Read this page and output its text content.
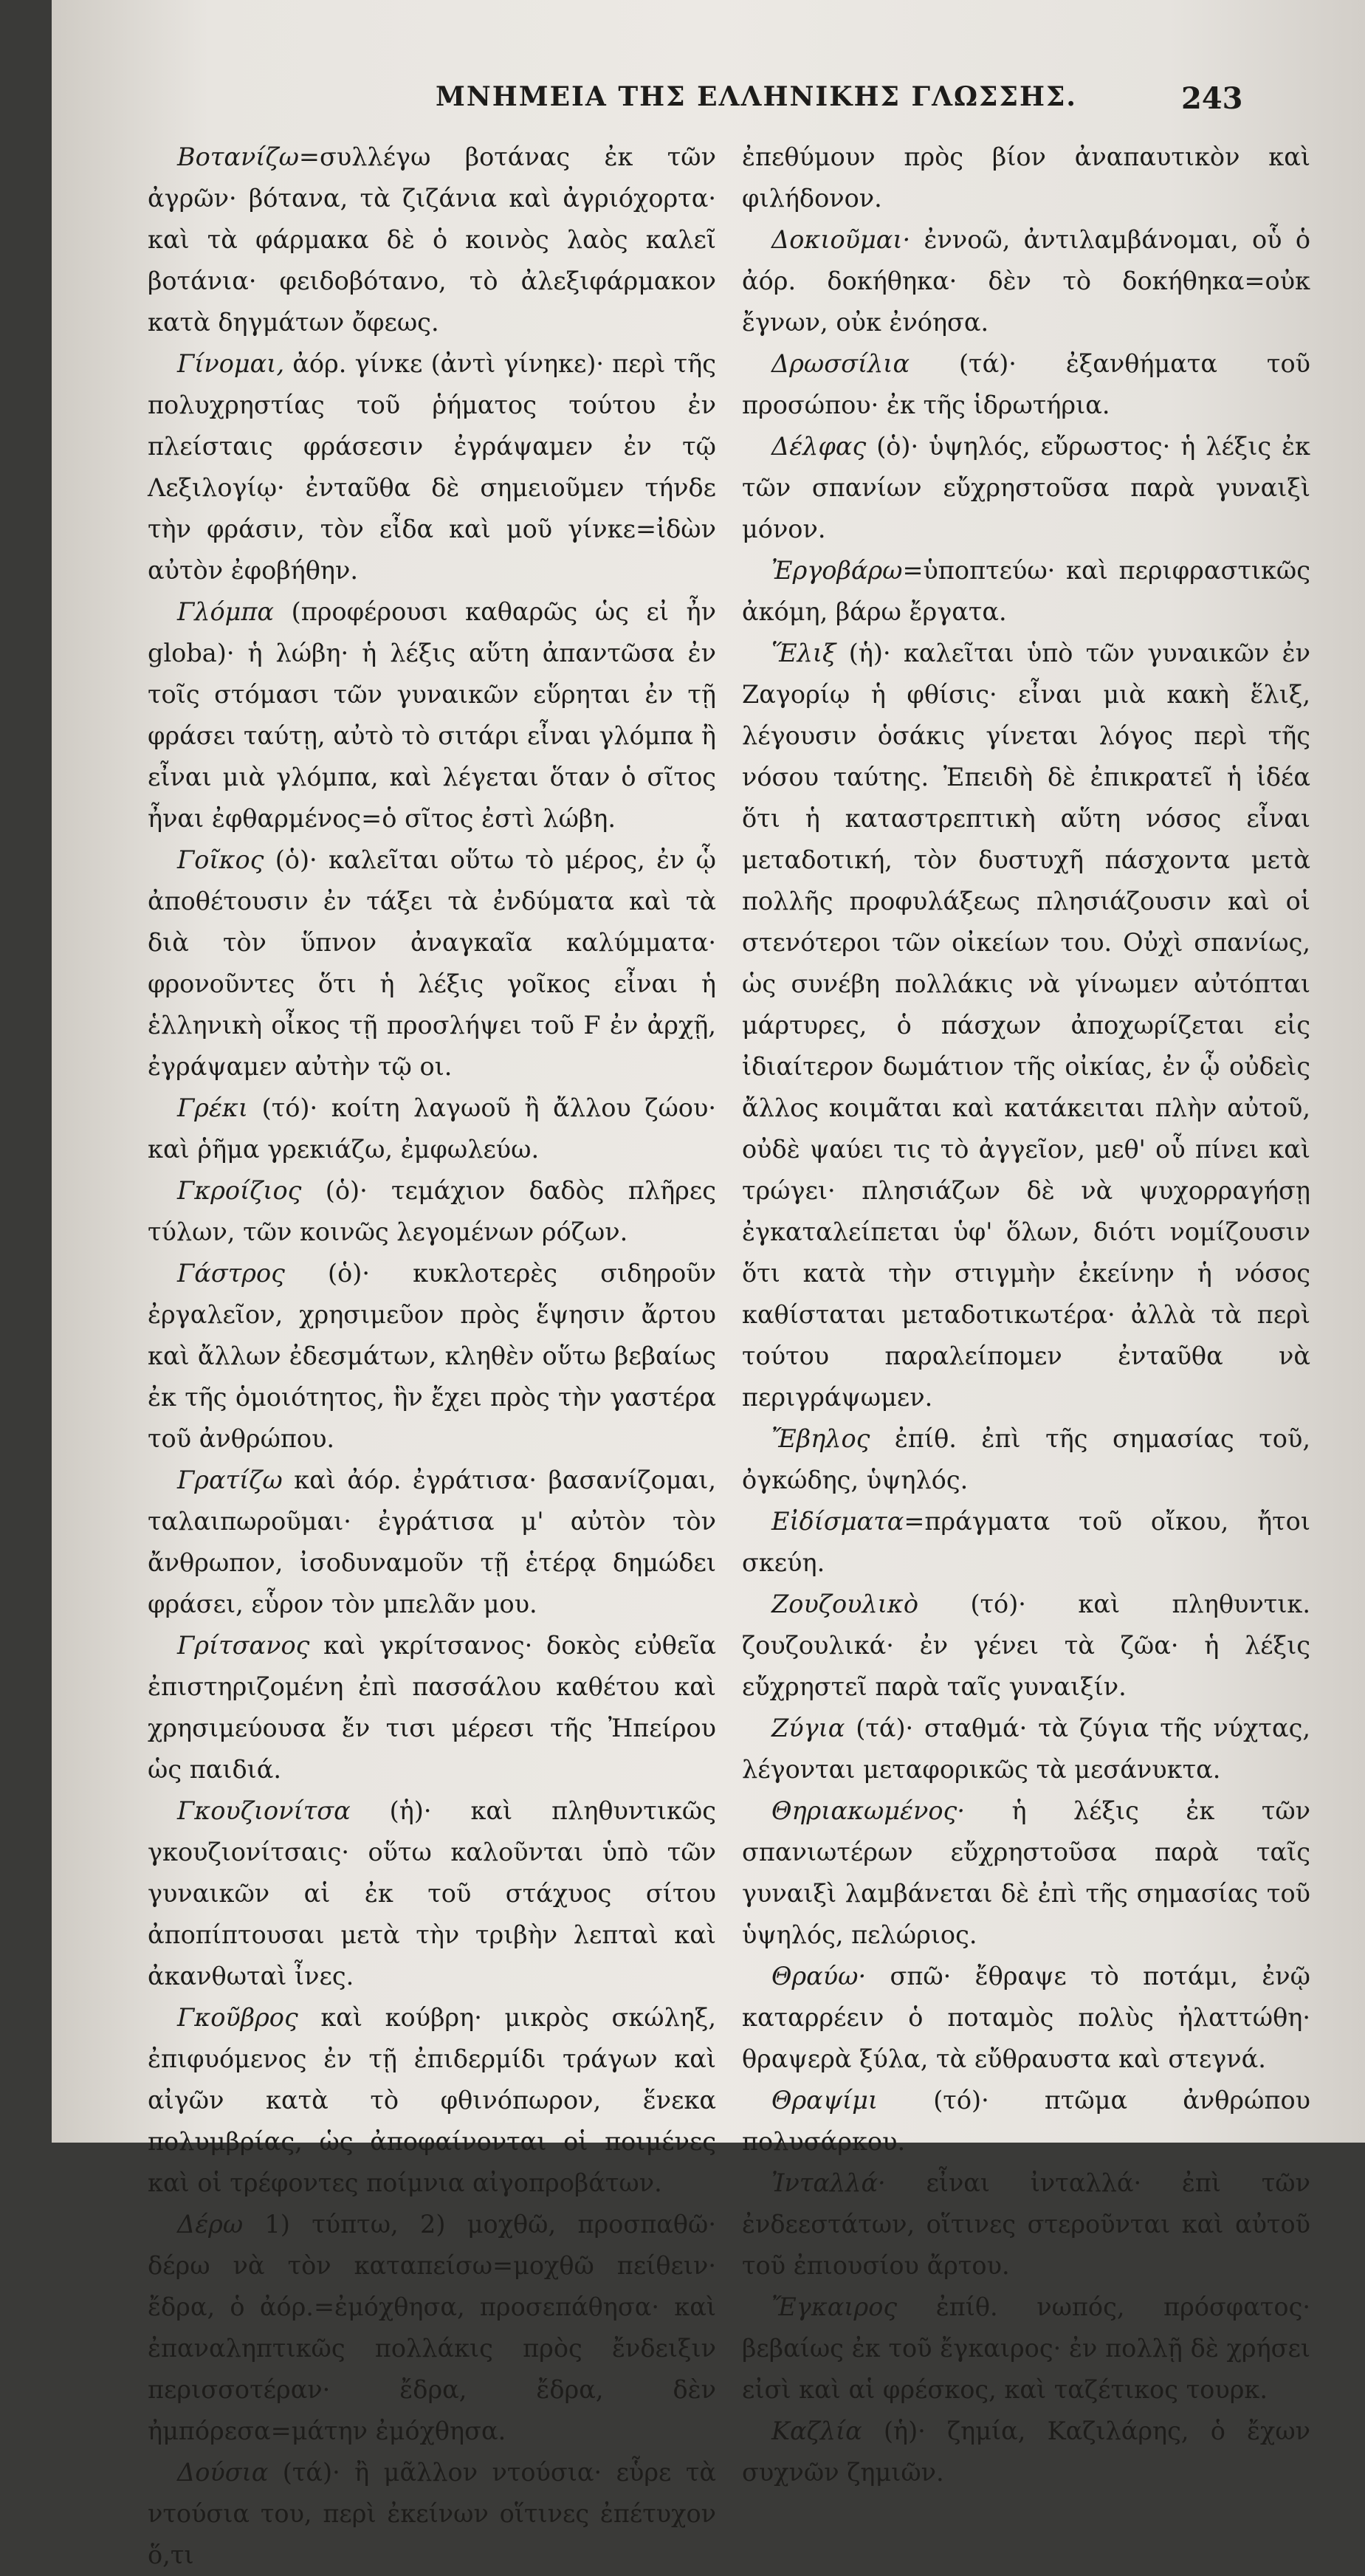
ΜΝΗΜΕΙΑ ΤΗΣ ΕΛΛΗΝΙΚΗΣ ΓΛΩΣΣΗΣ.	243

Βοτανίζω=συλλέγω βοτάνας ἐκ τῶν ἀγρῶν· βότανα, τὰ ζιζάνια καὶ ἀγριόχορτα· καὶ τὰ φάρμακα δὲ ὁ κοινὸς λαὸς καλεῖ βοτάνια· φειδοβότανο, τὸ ἀλεξιφάρμακον κατὰ δηγμάτων ὄφεως.

Γίνομαι, ἀόρ. γίνκε (ἀντὶ γίνηκε)· περὶ τῆς πολυχρηστίας τοῦ ῥήματος τούτου ἐν πλείσταις φράσεσιν ἐγράψαμεν ἐν τῷ Λεξιλογίῳ· ἐνταῦθα δὲ σημειοῦμεν τήνδε τὴν φράσιν, τὸν εἶδα καὶ μοῦ γίνκε=ἰδὼν αὐτὸν ἐφοβήθην.

Γλόμπα (προφέρουσι καθαρῶς ὡς εἰ ἦν globa)· ἡ λώβη· ἡ λέξις αὕτη ἀπαντῶσα ἐν τοῖς στόμασι τῶν γυναικῶν εὕρηται ἐν τῇ φράσει ταύτῃ, αὐτὸ τὸ σιτάρι εἶναι γλόμπα ἢ εἶναι μιὰ γλόμπα, καὶ λέγεται ὅταν ὁ σῖτος ἦναι ἐφθαρμένος=ὁ σῖτος ἐστὶ λώβη.

Γοῖκος (ὁ)· καλεῖται οὕτω τὸ μέρος, ἐν ᾧ ἀποθέτουσιν ἐν τάξει τὰ ἐνδύματα καὶ τὰ διὰ τὸν ὕπνον ἀναγκαῖα καλύμματα· φρονοῦντες ὅτι ἡ λέξις γοῖκος εἶναι ἡ ἑλληνικὴ οἶκος τῇ προσλήψει τοῦ F ἐν ἀρχῇ, ἐγράψαμεν αὐτὴν τῷ οι.

Γρέκι (τό)· κοίτη λαγωοῦ ἢ ἄλλου ζώου· καὶ ῥῆμα γρεκιάζω, ἐμφωλεύω.

Γκροίζιος (ὁ)· τεμάχιον δαδὸς πλῆρες τύλων, τῶν κοινῶς λεγομένων ρόζων.

Γάστρος (ὁ)· κυκλοτερὲς σιδηροῦν ἐργαλεῖον, χρησιμεῦον πρὸς ἕψησιν ἄρτου καὶ ἄλλων ἐδεσμάτων, κληθὲν οὕτω βεβαίως ἐκ τῆς ὁμοιότητος, ἣν ἔχει πρὸς τὴν γαστέρα τοῦ ἀνθρώπου.

Γρατίζω καὶ ἀόρ. ἐγράτισα· βασανίζομαι, ταλαιπωροῦμαι· ἐγράτισα μ' αὐτὸν τὸν ἄνθρωπον, ἰσοδυναμοῦν τῇ ἑτέρᾳ δημώδει φράσει, εὗρον τὸν μπελᾶν μου.

Γρίτσανος καὶ γκρίτσανος· δοκὸς εὐθεῖα ἐπιστηριζομένη ἐπὶ πασσάλου καθέτου καὶ χρησιμεύουσα ἔν τισι μέρεσι τῆς Ἠπείρου ὡς παιδιά.

Γκουζιονίτσα (ἡ)· καὶ πληθυντικῶς γκουζιονίτσαις· οὕτω καλοῦνται ὑπὸ τῶν γυναικῶν αἱ ἐκ τοῦ στάχυος σίτου ἀποπίπτουσαι μετὰ τὴν τριβὴν λεπταὶ καὶ ἀκανθωταὶ ἶνες.

Γκοῦβρος καὶ κούβρη· μικρὸς σκώληξ, ἐπιφυόμενος ἐν τῇ ἐπιδερμίδι τράγων καὶ αἰγῶν κατὰ τὸ φθινόπωρον, ἕνεκα πολυμβρίας, ὡς ἀποφαίνονται οἱ ποιμένες καὶ οἱ τρέφοντες ποίμνια αἰγοπροβάτων.

Δέρω 1) τύπτω, 2) μοχθῶ, προσπαθῶ· δέρω νὰ τὸν καταπείσω=μοχθῶ πείθειν· ἔδρα, ὁ ἀόρ.=ἐμόχθησα, προσεπάθησα· καὶ ἐπαναληπτικῶς πολλάκις πρὸς ἔνδειξιν περισσοτέραν· ἔδρα, ἔδρα, δὲν ἠμπόρεσα=μάτην ἐμόχθησα.

Δούσια (τά)· ἢ μᾶλλον ντούσια· εὗρε τὰ ντούσια του, περὶ ἐκείνων οἵτινες ἐπέτυχον ὅ,τι

ἐπεθύμουν πρὸς βίον ἀναπαυτικὸν καὶ φιλήδονον.

Δοκιοῦμαι· ἐννοῶ, ἀντιλαμβάνομαι, οὗ ὁ ἀόρ. δοκήθηκα· δὲν τὸ δοκήθηκα=οὐκ ἔγνων, οὐκ ἐνόησα.

Δρωσσίλια (τά)· ἐξανθήματα τοῦ προσώπου· ἐκ τῆς ἱδρωτήρια.

Δέλφας (ὁ)· ὑψηλός, εὔρωστος· ἡ λέξις ἐκ τῶν σπανίων εὔχρηστοῦσα παρὰ γυναιξὶ μόνον.

Ἐργοβάρω=ὑποπτεύω· καὶ περιφραστικῶς ἀκόμη, βάρω ἔργατα.

Ἕλιξ (ἡ)· καλεῖται ὑπὸ τῶν γυναικῶν ἐν Ζαγορίῳ ἡ φθίσις· εἶναι μιὰ κακὴ ἕλιξ, λέγουσιν ὁσάκις γίνεται λόγος περὶ τῆς νόσου ταύτης. Ἐπειδὴ δὲ ἐπικρατεῖ ἡ ἰδέα ὅτι ἡ καταστρεπτικὴ αὕτη νόσος εἶναι μεταδοτική, τὸν δυστυχῆ πάσχοντα μετὰ πολλῆς προφυλάξεως πλησιάζουσιν καὶ οἱ στενότεροι τῶν οἰκείων του. Οὐχὶ σπανίως, ὡς συνέβη πολλάκις νὰ γίνωμεν αὐτόπται μάρτυρες, ὁ πάσχων ἀποχωρίζεται εἰς ἰδιαίτερον δωμάτιον τῆς οἰκίας, ἐν ᾧ οὐδεὶς ἄλλος κοιμᾶται καὶ κατάκειται πλὴν αὐτοῦ, οὐδὲ ψαύει τις τὸ ἀγγεῖον, μεθ' οὗ πίνει καὶ τρώγει· πλησιάζων δὲ νὰ ψυχορραγήσῃ ἐγκαταλείπεται ὑφ' ὅλων, διότι νομίζουσιν ὅτι κατὰ τὴν στιγμὴν ἐκείνην ἡ νόσος καθίσταται μεταδοτικωτέρα· ἀλλὰ τὰ περὶ τούτου παραλείπομεν ἐνταῦθα νὰ περιγράψωμεν.

Ἔβηλος ἐπίθ. ἐπὶ τῆς σημασίας τοῦ, ὀγκώδης, ὑψηλός.

Εἰδίσματα=πράγματα τοῦ οἴκου, ἤτοι σκεύη.

Ζουζουλικὸ (τό)· καὶ πληθυντικ. ζουζουλικά· ἐν γένει τὰ ζῶα· ἡ λέξις εὔχρηστεῖ παρὰ ταῖς γυναιξίν.

Ζύγια (τά)· σταθμά· τὰ ζύγια τῆς νύχτας, λέγονται μεταφορικῶς τὰ μεσάνυκτα.

Θηριακωμένος· ἡ λέξις ἐκ τῶν σπανιωτέρων εὔχρηστοῦσα παρὰ ταῖς γυναιξὶ λαμβάνεται δὲ ἐπὶ τῆς σημασίας τοῦ ὑψηλός, πελώριος.

Θραύω· σπῶ· ἔθραψε τὸ ποτάμι, ἐνῷ καταρρέειν ὁ ποταμὸς πολὺς ἠλαττώθη· θραψερὰ ξύλα, τὰ εὔθραυστα καὶ στεγνά.

Θραψίμι (τό)· πτῶμα ἀνθρώπου πολυσάρκου.

Ἰνταλλά· εἶναι ἰνταλλά· ἐπὶ τῶν ἐνδεεστάτων, οἵτινες στεροῦνται καὶ αὐτοῦ τοῦ ἐπιουσίου ἄρτου.

Ἔγκαιρος ἐπίθ. νωπός, πρόσφατος· βεβαίως ἐκ τοῦ ἔγκαιρος· ἐν πολλῇ δὲ χρήσει εἰσὶ καὶ αἱ φρέσκος, καὶ ταζέτικος τουρκ.

Καζλία (ἡ)· ζημία, Καζιλάρης, ὁ ἔχων συχνῶν ζημιῶν.
